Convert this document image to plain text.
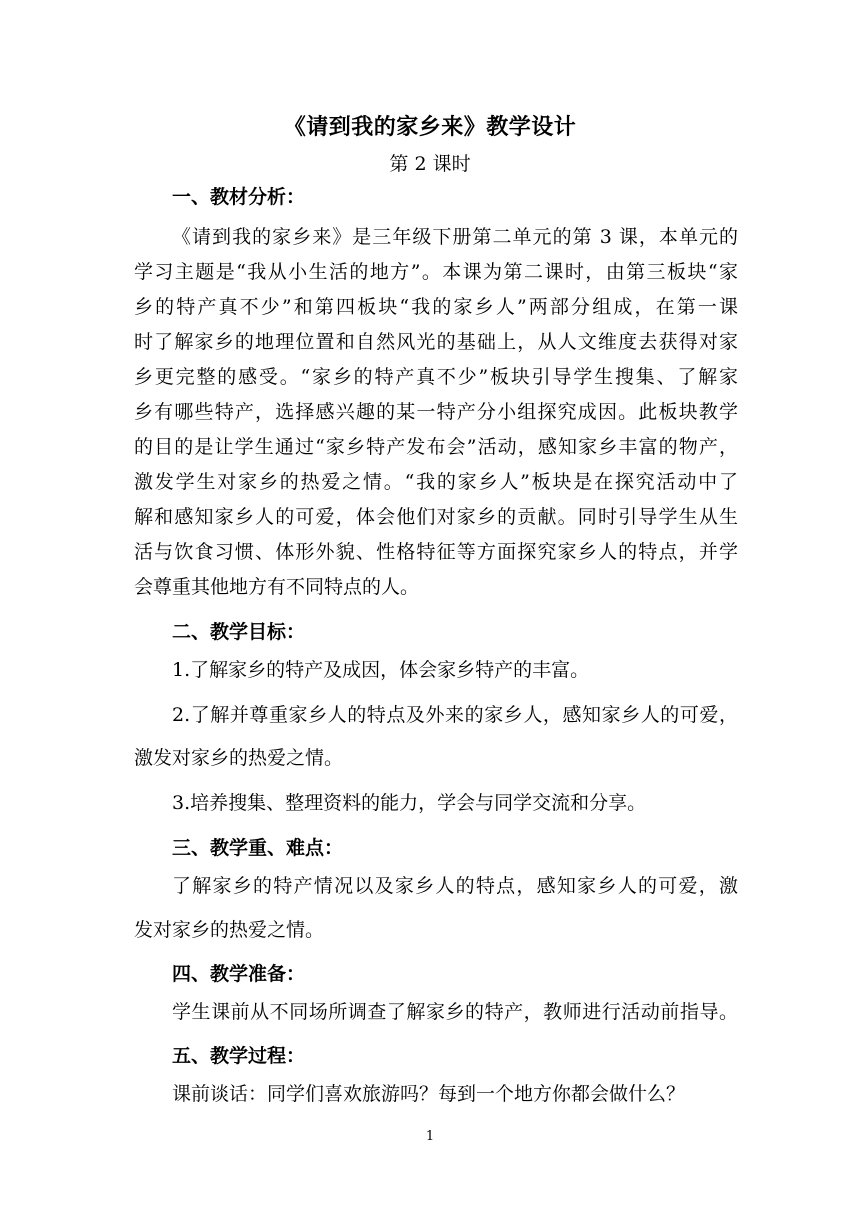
《请到我的家乡来》教学设计
第 2 课时
一、教材分析：
《请到我的家乡来》是三年级下册第二单元的第 3 课，本单元的
学习主题是“我从小生活的地方”。本课为第二课时，由第三板块“家
乡的特产真不少”和第四板块“我的家乡人”两部分组成，在第一课
时了解家乡的地理位置和自然风光的基础上，从人文维度去获得对家
乡更完整的感受。“家乡的特产真不少”板块引导学生搜集、了解家
乡有哪些特产，选择感兴趣的某一特产分小组探究成因。此板块教学
的目的是让学生通过“家乡特产发布会”活动，感知家乡丰富的物产，
激发学生对家乡的热爱之情。“我的家乡人”板块是在探究活动中了
解和感知家乡人的可爱，体会他们对家乡的贡献。同时引导学生从生
活与饮食习惯、体形外貌、性格特征等方面探究家乡人的特点，并学
会尊重其他地方有不同特点的人。
二、教学目标：
1.了解家乡的特产及成因，体会家乡特产的丰富。
2.了解并尊重家乡人的特点及外来的家乡人，感知家乡人的可爱，
激发对家乡的热爱之情。
3.培养搜集、整理资料的能力，学会与同学交流和分享。
三、教学重、难点：
了解家乡的特产情况以及家乡人的特点，感知家乡人的可爱，激
发对家乡的热爱之情。
四、教学准备：
学生课前从不同场所调查了解家乡的特产，教师进行活动前指导。
五、教学过程：
课前谈话：同学们喜欢旅游吗？每到一个地方你都会做什么？
1
